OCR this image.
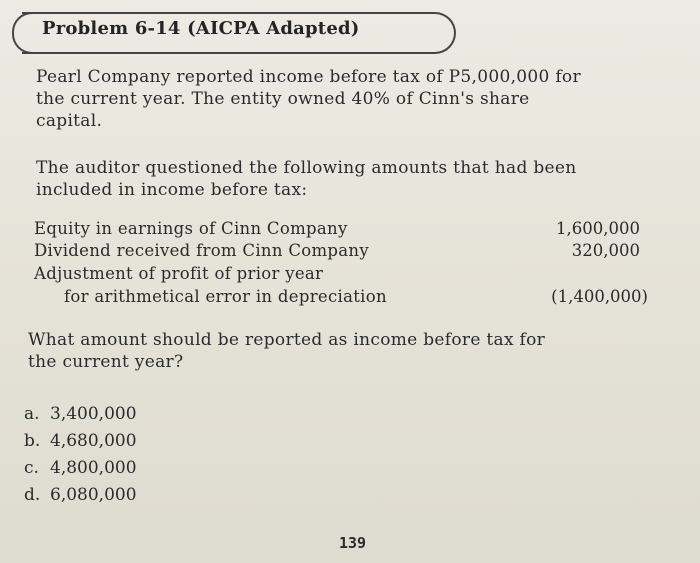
Problem 6-14 (AICPA Adapted)
Pearl Company reported income before tax of P5,000,000 for
the current year. The entity owned 40% of Cinn's share
capital.
The auditor questioned the following amounts that had been
included in income before tax:
Equity in earnings of Cinn Company	1,600,000
Dividend received from Cinn Company	320,000
Adjustment of profit of prior year
for arithmetical error in depreciation	(1,400,000)
What amount should be reported as income before tax for
the current year?
a. 3,400,000
b. 4,680,000
c. 4,800,000
d. 6,080,000
139
